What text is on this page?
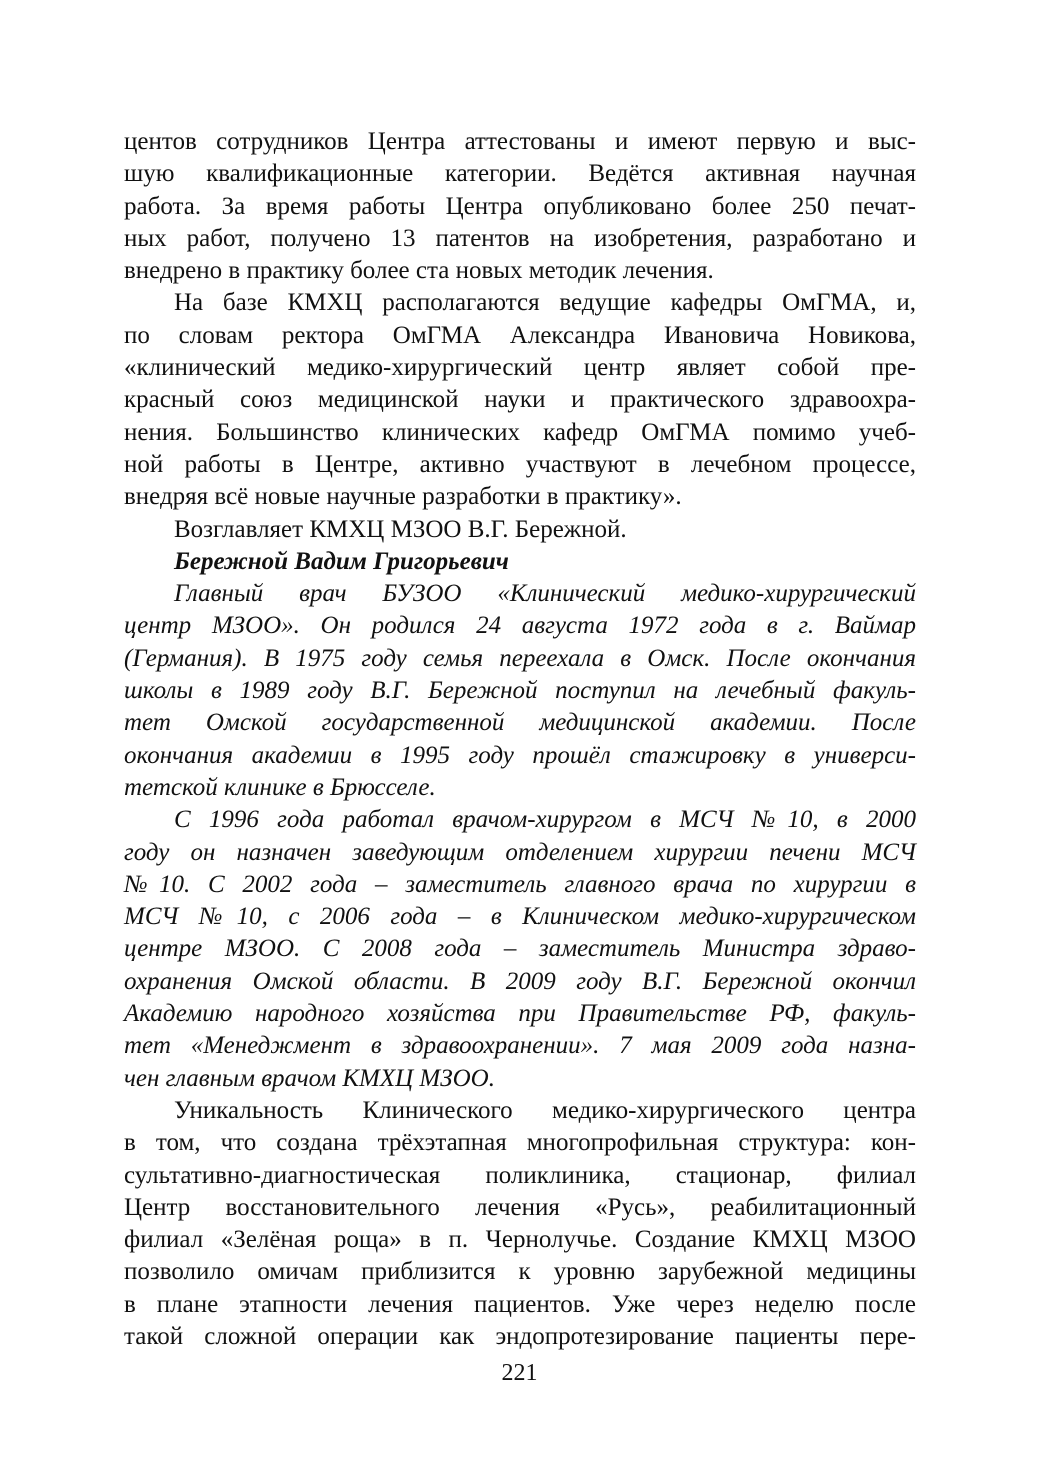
центов сотрудников Центра аттестованы и имеют первую и выс-
шую квалификационные категории. Ведётся активная научная
работа. За время работы Центра опубликовано более 250 печат-
ных работ, получено 13 патентов на изобретения, разработано и
внедрено в практику более ста новых методик лечения.
На базе КМХЦ располагаются ведущие кафедры ОмГМА, и,
по словам ректора ОмГМА Александра Ивановича Новикова,
«клинический медико-хирургический центр являет собой пре-
красный союз медицинской науки и практического здравоохра-
нения. Большинство клинических кафедр ОмГМА помимо учеб-
ной работы в Центре, активно участвуют в лечебном процессе,
внедряя всё новые научные разработки в практику».
Возглавляет КМХЦ МЗОО В.Г. Бережной.
Бережной Вадим Григорьевич
Главный врач БУЗОО «Клинический медико-хирургический
центр МЗОО». Он родился 24 августа 1972 года в г. Ваймар
(Германия). В 1975 году семья переехала в Омск. После окончания
школы в 1989 году В.Г. Бережной поступил на лечебный факуль-
тет Омской государственной медицинской академии. После
окончания академии в 1995 году прошёл стажировку в универси-
тетской клинике в Брюсселе.
С 1996 года работал врачом-хирургом в МСЧ №10, в 2000
году он назначен заведующим отделением хирургии печени МСЧ
№10. С 2002 года – заместитель главного врача по хирургии в
МСЧ №10, с 2006 года – в Клиническом медико-хирургическом
центре МЗОО. С 2008 года – заместитель Министра здраво-
охранения Омской области. В 2009 году В.Г. Бережной окончил
Академию народного хозяйства при Правительстве РФ, факуль-
тет «Менеджмент в здравоохранении». 7 мая 2009 года назна-
чен главным врачом КМХЦ МЗОО.
Уникальность Клинического медико-хирургического центра
в том, что создана трёхэтапная многопрофильная структура: кон-
сультативно-диагностическая поликлиника, стационар, филиал
Центр восстановительного лечения «Русь», реабилитационный
филиал «Зелёная роща» в п. Чернолучье. Создание КМХЦ МЗОО
позволило омичам приблизится к уровню зарубежной медицины
в плане этапности лечения пациентов. Уже через неделю после
такой сложной операции как эндопротезирование пациенты пере-
221
